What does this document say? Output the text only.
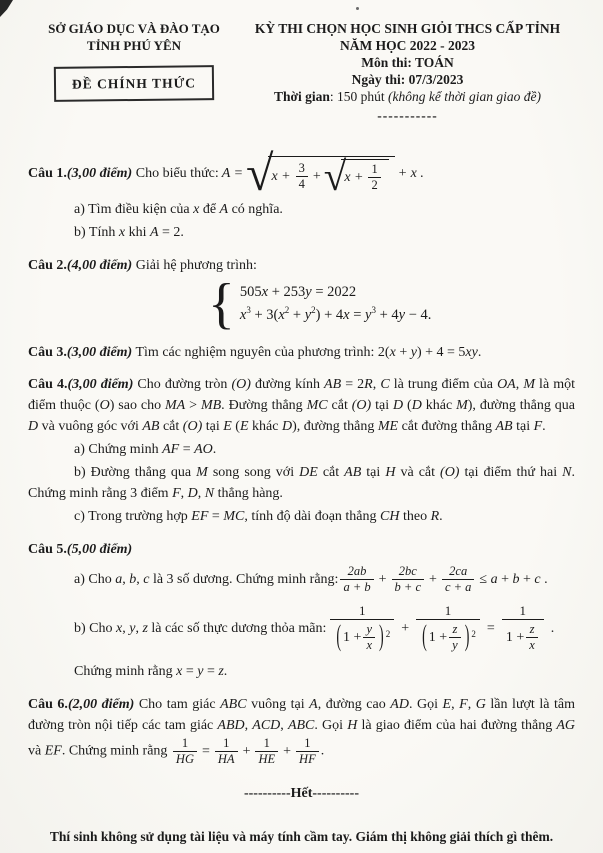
SỞ GIÁO DỤC VÀ ĐÀO TẠO
TỈNH PHÚ YÊN
ĐỀ CHÍNH THỨC
KỲ THI CHỌN HỌC SINH GIỎI THCS CẤP TỈNH
NĂM HỌC 2022 - 2023
Môn thi: TOÁN
Ngày thi: 07/3/2023
Thời gian: 150 phút (không kể thời gian giao đề)
-----------
Câu 1.(3,00 điểm) Cho biểu thức: A = √
$x + \frac{3}{4}$ + √
$x + \frac{1}{2} + x$ .
a) Tìm điều kiện của x để A có nghĩa.
b) Tính x khi A = 2.
Câu 2.(4,00 điểm) Giải hệ phương trình:
{ 505x + 253y = 2022
$x^3 + 3(x^2 + y^2) + 4x = y^3 + 4y - 4$.
Câu 3.(3,00 điểm) Tìm các nghiệm nguyên của phương trình: 2(x + y) + 4 = 5xy.
Câu 4.(3,00 điểm) Cho đường tròn (O) đường kính AB = 2R, C là trung điểm của OA, M là một điểm thuộc (O) sao cho MA > MB. Đường thẳng MC cắt (O) tại D (D khác M), đường thẳng qua D và vuông góc với AB cắt (O) tại E (E khác D), đường thẳng ME cắt đường thẳng AB tại F.
a) Chứng minh AF = AO.
b) Đường thẳng qua M song song với DE cắt AB tại H và cắt (O) tại điểm thứ hai N. Chứng minh rằng 3 điểm F, D, N thẳng hàng.
c) Trong trường hợp EF = MC, tính độ dài đoạn thẳng CH theo R.
Câu 5.(5,00 điểm)
a) Cho a, b, c là 3 số dương. Chứng minh rằng: $\frac{2ab}{a + b} + \frac{2bc}{b + c} + \frac{2ca}{c + a} \le a + b + c$ .
b) Cho x, y, z là các số thực dương thỏa mãn: $\frac{1}{( 1 + \frac{y}{x} ) 2} + \frac{1}{( 1 + \frac{z}{y} ) 2} = \frac{1}{1 + \frac{z}{x}}$ .
Chứng minh rằng x = y = z.

Câu 6.(2,00 điểm) Cho tam giác ABC vuông tại A, đường cao AD. Gọi E, F, G lần lượt là tâm đường tròn nội tiếp các tam giác ABD, ACD, ABC. Gọi H là giao điểm của hai đường thẳng AG và EF. Chứng minh rằng $\frac{1}{HG} = \frac{1}{HA} + \frac{1}{HE} + \frac{1}{HF}$ .

----------Hết----------
Thí sinh không sử dụng tài liệu và máy tính cầm tay. Giám thị không giải thích gì thêm.
